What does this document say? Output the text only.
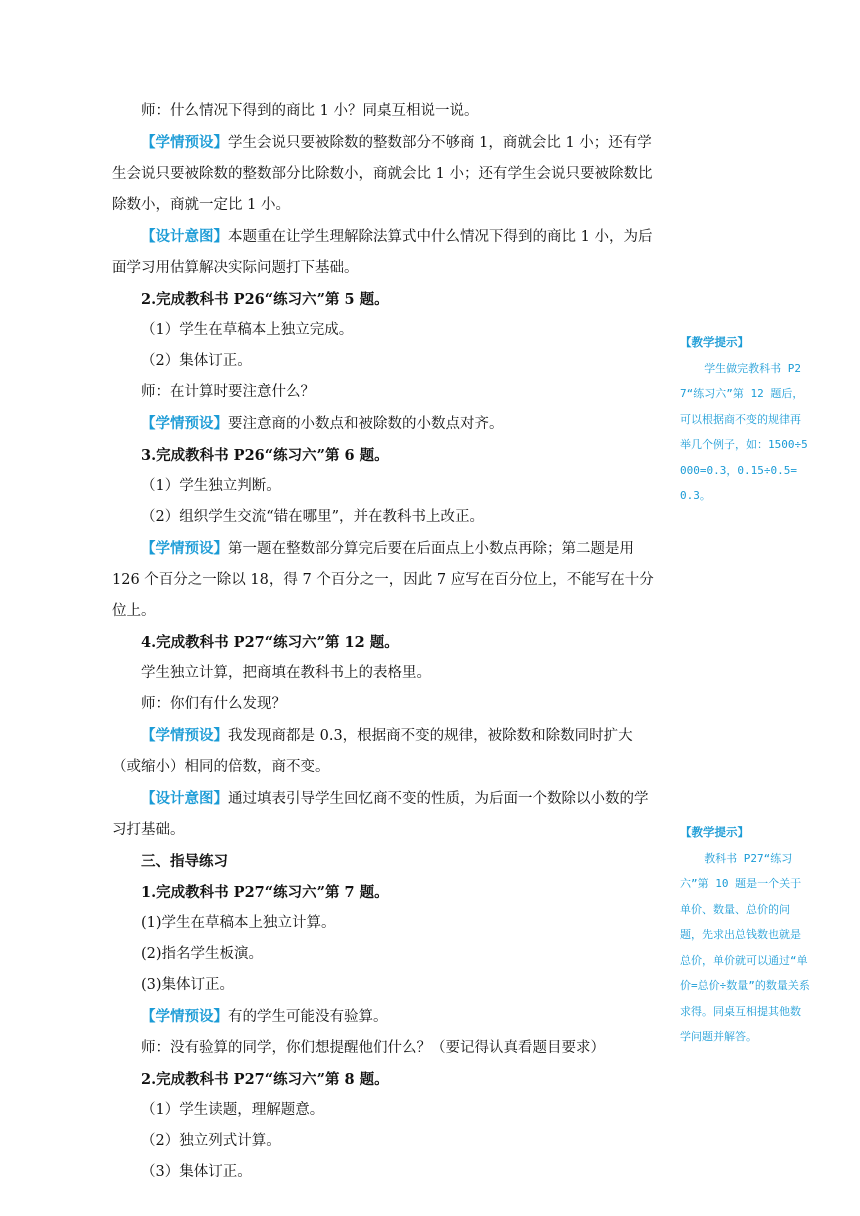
师：什么情况下得到的商比 1 小？同桌互相说一说。

【学情预设】学生会说只要被除数的整数部分不够商 1，商就会比 1 小；还有学生会说只要被除数的整数部分比除数小，商就会比 1 小；还有学生会说只要被除数比除数小，商就一定比 1 小。

【设计意图】本题重在让学生理解除法算式中什么情况下得到的商比 1 小，为后面学习用估算解决实际问题打下基础。

2.完成教科书 P26“练习六”第 5 题。

（1）学生在草稿本上独立完成。

（2）集体订正。

师：在计算时要注意什么？

【学情预设】要注意商的小数点和被除数的小数点对齐。

3.完成教科书 P26“练习六”第 6 题。

（1）学生独立判断。

（2）组织学生交流“错在哪里”，并在教科书上改正。

【学情预设】第一题在整数部分算完后要在后面点上小数点再除；第二题是用 126 个百分之一除以 18，得 7 个百分之一，因此 7 应写在百分位上，不能写在十分位上。

4.完成教科书 P27“练习六”第 12 题。

学生独立计算，把商填在教科书上的表格里。

师：你们有什么发现？

【学情预设】我发现商都是 0.3，根据商不变的规律，被除数和除数同时扩大（或缩小）相同的倍数，商不变。

【设计意图】通过填表引导学生回忆商不变的性质，为后面一个数除以小数的学习打基础。

三、指导练习

1.完成教科书 P27“练习六”第 7 题。

(1)学生在草稿本上独立计算。

(2)指名学生板演。

(3)集体订正。

【学情预设】有的学生可能没有验算。

师：没有验算的同学，你们想提醒他们什么？（要记得认真看题目要求）

2.完成教科书 P27“练习六”第 8 题。

（1）学生读题，理解题意。

（2）独立列式计算。

（3）集体订正。

【教学提示】
学生做完教科书 P27“练习六”第 12 题后，可以根据商不变的规律再举几个例子，如：1500÷5000=0.3，0.15÷0.5=0.3。
【教学提示】
教科书 P27“练习六”第 10 题是一个关于单价、数量、总价的问题，先求出总钱数也就是总价，单价就可以通过“单价=总价÷数量”的数量关系求得。同桌互相提其他数学问题并解答。
